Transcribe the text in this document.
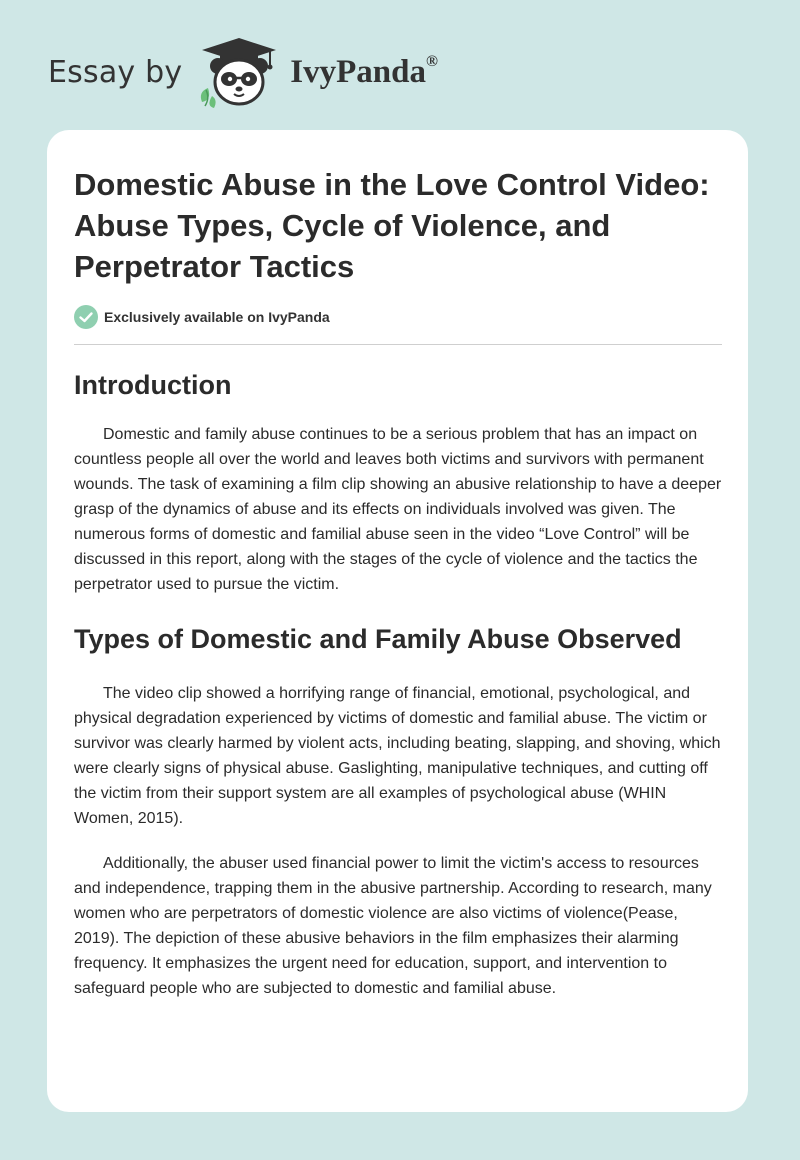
Essay by	IvyPanda®
Domestic Abuse in the Love Control Video: Abuse Types, Cycle of Violence, and Perpetrator Tactics
Exclusively available on IvyPanda
Introduction

Domestic and family abuse continues to be a serious problem that has an impact on countless people all over the world and leaves both victims and survivors with permanent wounds. The task of examining a film clip showing an abusive relationship to have a deeper grasp of the dynamics of abuse and its effects on individuals involved was given. The numerous forms of domestic and familial abuse seen in the video “Love Control” will be discussed in this report, along with the stages of the cycle of violence and the tactics the perpetrator used to pursue the victim.

Types of Domestic and Family Abuse Observed

The video clip showed a horrifying range of financial, emotional, psychological, and physical degradation experienced by victims of domestic and familial abuse. The victim or survivor was clearly harmed by violent acts, including beating, slapping, and shoving, which were clearly signs of physical abuse. Gaslighting, manipulative techniques, and cutting off the victim from their support system are all examples of psychological abuse (WHIN Women, 2015).

Additionally, the abuser used financial power to limit the victim's access to resources and independence, trapping them in the abusive partnership. According to research, many women who are perpetrators of domestic violence are also victims of violence(Pease, 2019). The depiction of these abusive behaviors in the film emphasizes their alarming frequency. It emphasizes the urgent need for education, support, and intervention to safeguard people who are subjected to domestic and familial abuse.
